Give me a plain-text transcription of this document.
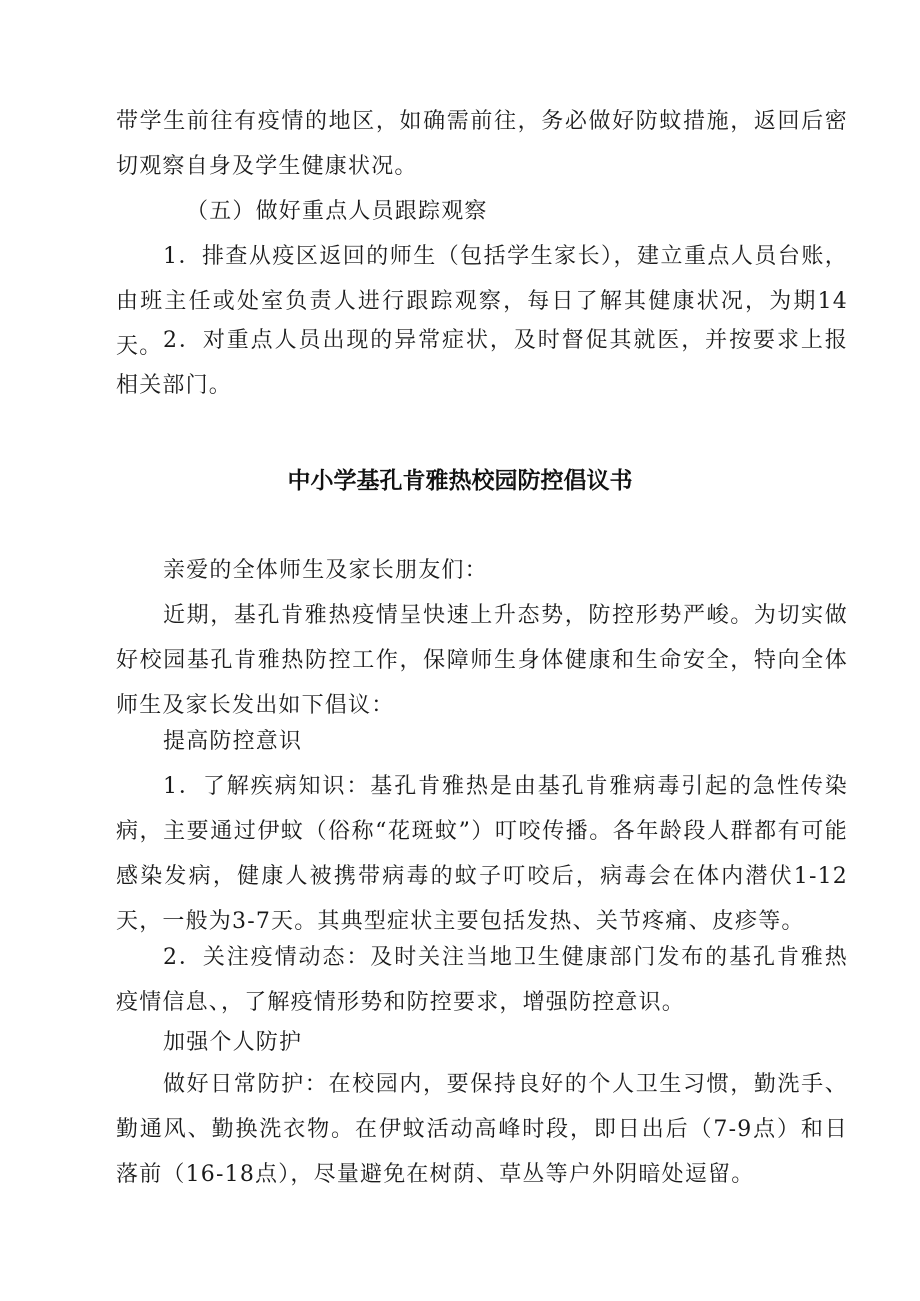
带学生前往有疫情的地区，如确需前往，务必做好防蚊措施，返回后密切观察自身及学生健康状况。

（五）做好重点人员跟踪观察

1．排查从疫区返回的师生（包括学生家长），建立重点人员台账，由班主任或处室负责人进行跟踪观察，每日了解其健康状况，为期14天。 2．对重点人员出现的异常症状，及时督促其就医，并按要求上报相关部门。

中小学基孔肯雅热校园防控倡议书

亲爱的全体师生及家长朋友们：

近期，基孔肯雅热疫情呈快速上升态势，防控形势严峻。为切实做好校园基孔肯雅热防控工作，保障师生身体健康和生命安全，特向全体师生及家长发出如下倡议：

提高防控意识

1．了解疾病知识：基孔肯雅热是由基孔肯雅病毒引起的急性传染病，主要通过伊蚊（俗称“花斑蚊”）叮咬传播。各年龄段人群都有可能感染发病，健康人被携带病毒的蚊子叮咬后，病毒会在体内潜伏1-12天，一般为3-7天。其典型症状主要包括发热、关节疼痛、皮疹等。

2．关注疫情动态：及时关注当地卫生健康部门发布的基孔肯雅热疫情信息、，了解疫情形势和防控要求，增强防控意识。

加强个人防护

做好日常防护：在校园内，要保持良好的个人卫生习惯，勤洗手、勤通风、勤换洗衣物。在伊蚊活动高峰时段，即日出后（7-9点）和日落前（16-18点），尽量避免在树荫、草丛等户外阴暗处逗留。
